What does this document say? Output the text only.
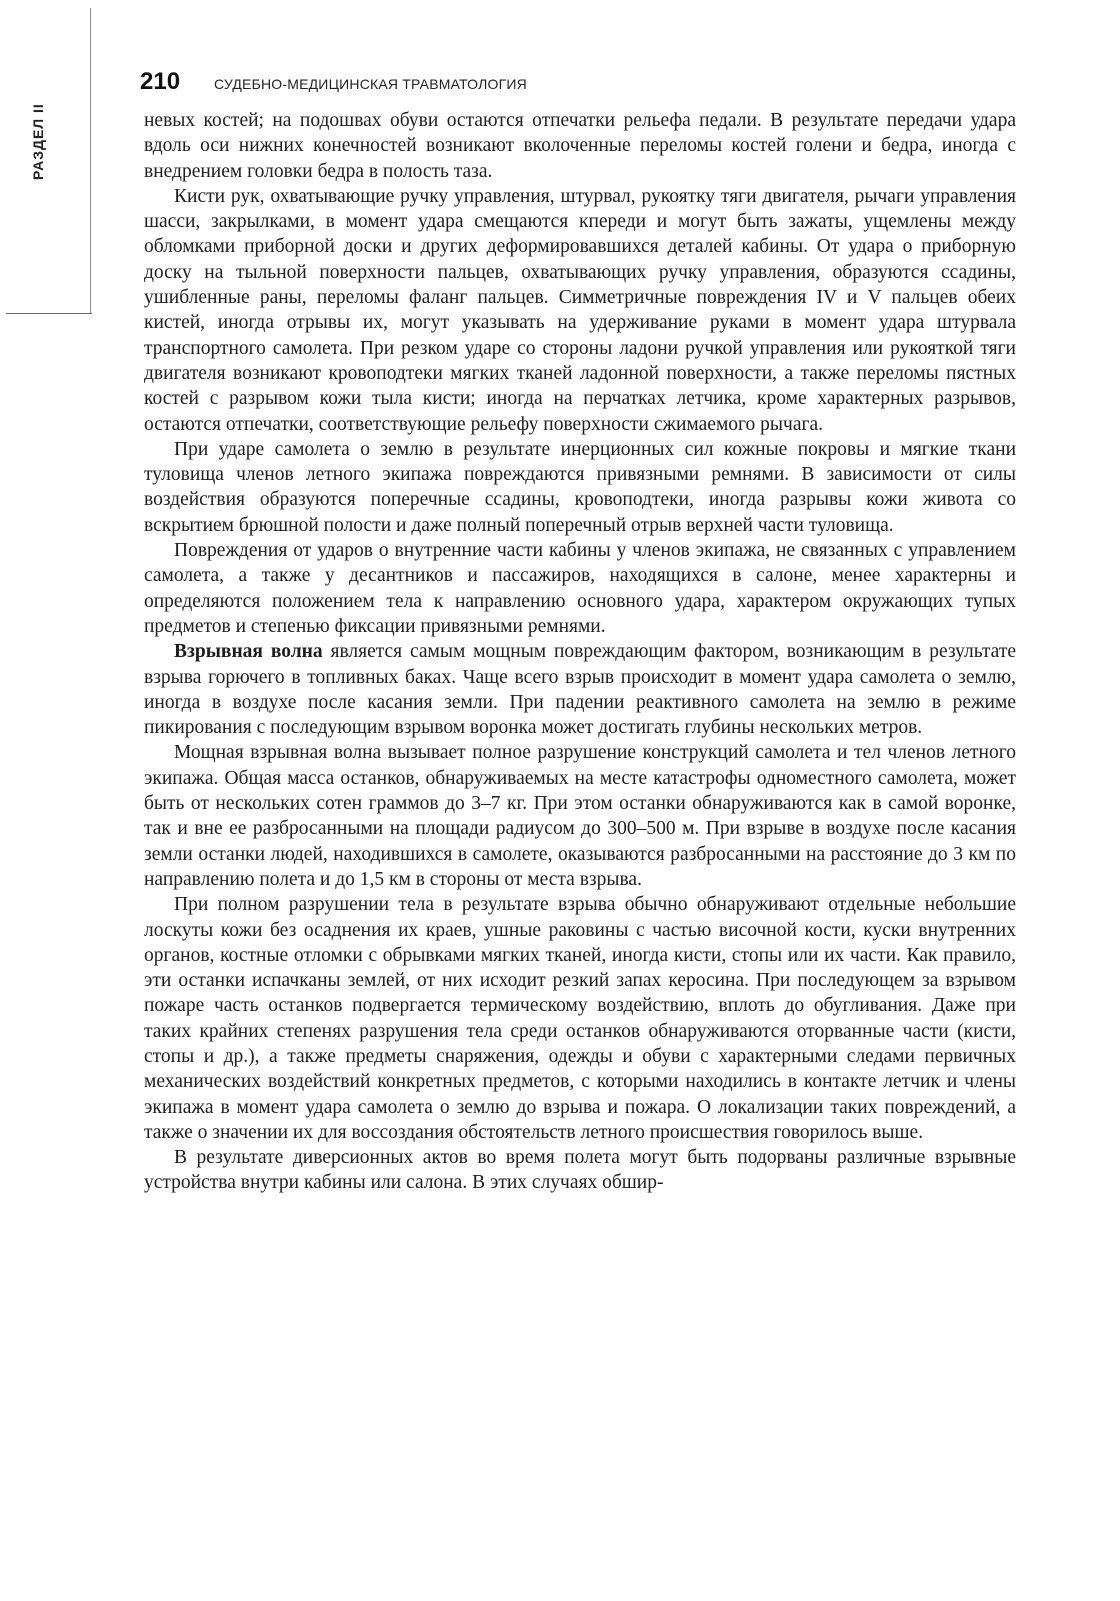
РАЗДЕЛ II
210 СУДЕБНО-МЕДИЦИНСКАЯ ТРАВМАТОЛОГИЯ

невых костей; на подошвах обуви остаются отпечатки рельефа педали. В результате передачи удара вдоль оси нижних конечностей возникают вколоченные переломы костей голени и бедра, иногда с внедрением головки бедра в полость таза.

Кисти рук, охватывающие ручку управления, штурвал, рукоятку тяги двигателя, рычаги управления шасси, закрылками, в момент удара смещаются кпереди и могут быть зажаты, ущемлены между обломками приборной доски и других деформировавшихся деталей кабины. От удара о приборную доску на тыльной поверхности пальцев, охватывающих ручку управления, образуются ссадины, ушибленные раны, переломы фаланг пальцев. Симметричные повреждения IV и V пальцев обеих кистей, иногда отрывы их, могут указывать на удерживание руками в момент удара штурвала транспортного самолета. При резком ударе со стороны ладони ручкой управления или рукояткой тяги двигателя возникают кровоподтеки мягких тканей ладонной поверхности, а также переломы пястных костей с разрывом кожи тыла кисти; иногда на перчатках летчика, кроме характерных разрывов, остаются отпечатки, соответствующие рельефу поверхности сжимаемого рычага.

При ударе самолета о землю в результате инерционных сил кожные покровы и мягкие ткани туловища членов летного экипажа повреждаются привязными ремнями. В зависимости от силы воздействия образуются поперечные ссадины, кровоподтеки, иногда разрывы кожи живота со вскрытием брюшной полости и даже полный поперечный отрыв верхней части туловища.

Повреждения от ударов о внутренние части кабины у членов экипажа, не связанных с управлением самолета, а также у десантников и пассажиров, находящихся в салоне, менее характерны и определяются положением тела к направлению основного удара, характером окружающих тупых предметов и степенью фиксации привязными ремнями.

Взрывная волна является самым мощным повреждающим фактором, возникающим в результате взрыва горючего в топливных баках. Чаще всего взрыв происходит в момент удара самолета о землю, иногда в воздухе после касания земли. При падении реактивного самолета на землю в режиме пикирования с последующим взрывом воронка может достигать глубины нескольких метров.

Мощная взрывная волна вызывает полное разрушение конструкций самолета и тел членов летного экипажа. Общая масса останков, обнаруживаемых на месте катастрофы одноместного самолета, может быть от нескольких сотен граммов до 3–7 кг. При этом останки обнаруживаются как в самой воронке, так и вне ее разбросанными на площади радиусом до 300–500 м. При взрыве в воздухе после касания земли останки людей, находившихся в самолете, оказываются разбросанными на расстояние до 3 км по направлению полета и до 1,5 км в стороны от места взрыва.

При полном разрушении тела в результате взрыва обычно обнаруживают отдельные небольшие лоскуты кожи без осаднения их краев, ушные раковины с частью височной кости, куски внутренних органов, костные отломки с обрывками мягких тканей, иногда кисти, стопы или их части. Как правило, эти останки испачканы землей, от них исходит резкий запах керосина. При последующем за взрывом пожаре часть останков подвергается термическому воздействию, вплоть до обугливания. Даже при таких крайних степенях разрушения тела среди останков обнаруживаются оторванные части (кисти, стопы и др.), а также предметы снаряжения, одежды и обуви с характерными следами первичных механических воздействий конкретных предметов, с которыми находились в контакте летчик и члены экипажа в момент удара самолета о землю до взрыва и пожара. О локализации таких повреждений, а также о значении их для воссоздания обстоятельств летного происшествия говорилось выше.

В результате диверсионных актов во время полета могут быть подорваны различные взрывные устройства внутри кабины или салона. В этих случаях обшир-
